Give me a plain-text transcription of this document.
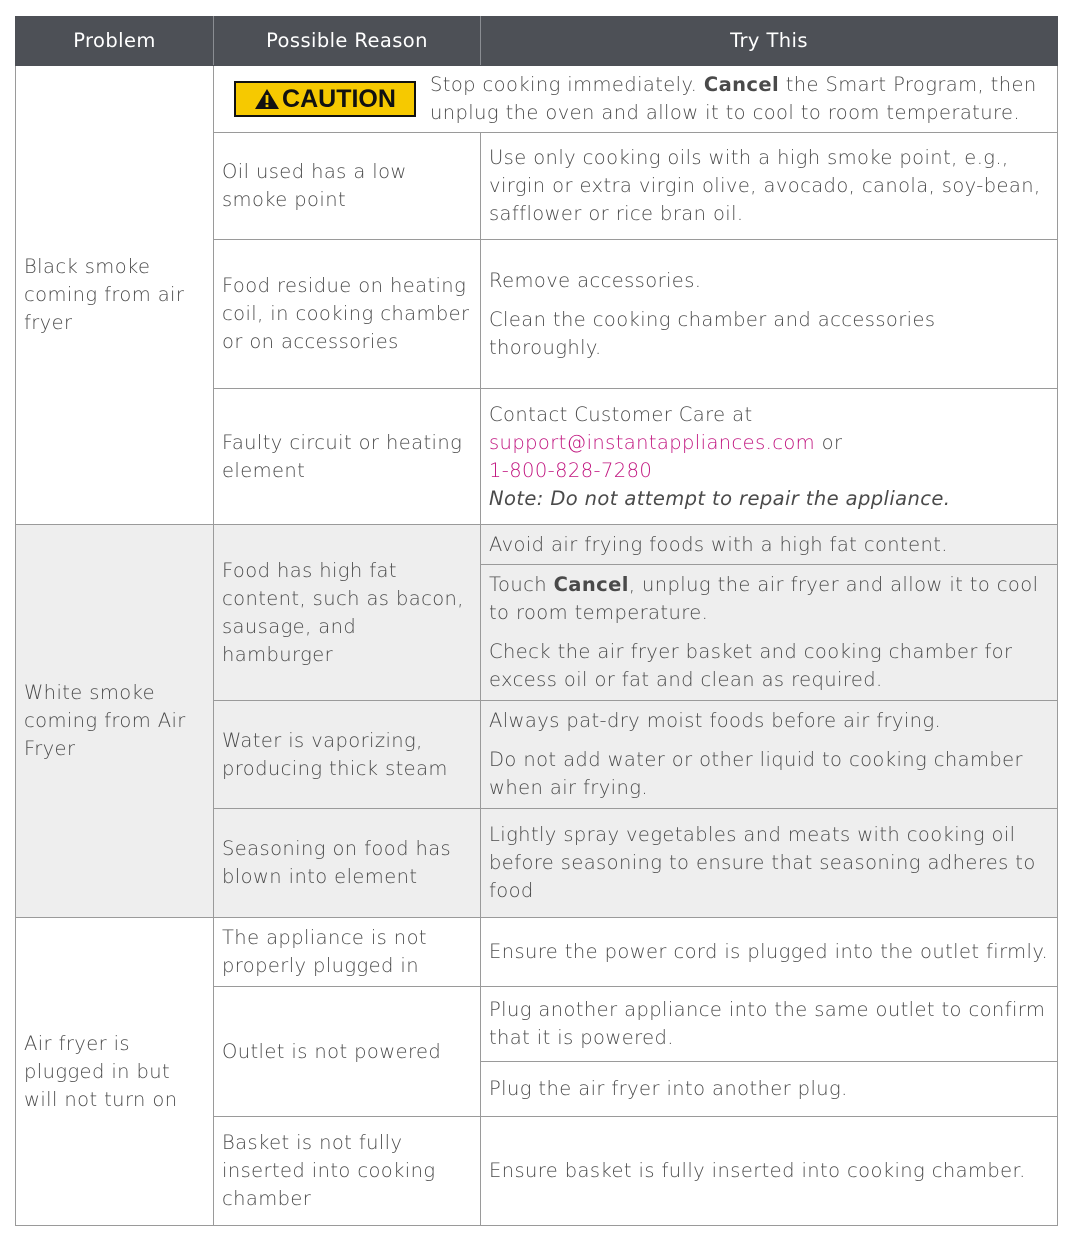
Problem	Possible Reason	Try This
Black smoke coming from air fryer	CAUTION
Stop cooking immediately. Cancel the Smart Program, then unplug the oven and allow it to cool to room temperature.	

	Oil used has a low smoke point	Use only cooking oils with a high smoke point, e.g., virgin or extra virgin olive, avocado, canola, soy-bean, safflower or rice bran oil.
	Food residue on heating coil, in cooking chamber or on accessories	Remove accessories.

Clean the cooking chamber and accessories thoroughly.

	Faulty circuit or heating element	Contact Customer Care at
support@instantappliances.com or
1-800-828-7280

Note: Do not attempt to repair the appliance.

White smoke coming from Air Fryer	Food has high fat content, such as bacon, sausage, and hamburger	Avoid air frying foods with a high fat content.

		Touch Cancel, unplug the air fryer and allow it to cool to room temperature.

Check the air fryer basket and cooking chamber for excess oil or fat and clean as required.

	Water is vaporizing, producing thick steam	Always pat-dry moist foods before air frying.

Do not add water or other liquid to cooking chamber when air frying.

	Seasoning on food has blown into element	Lightly spray vegetables and meats with cooking oil before seasoning to ensure that seasoning adheres to food
Air fryer is plugged in but will not turn on	The appliance is not properly plugged in	Ensure the power cord is plugged into the outlet firmly.
	Outlet is not powered	Plug another appliance into the same outlet to confirm that it is powered.
		Plug the air fryer into another plug.
	Basket is not fully inserted into cooking chamber	Ensure basket is fully inserted into cooking chamber.
